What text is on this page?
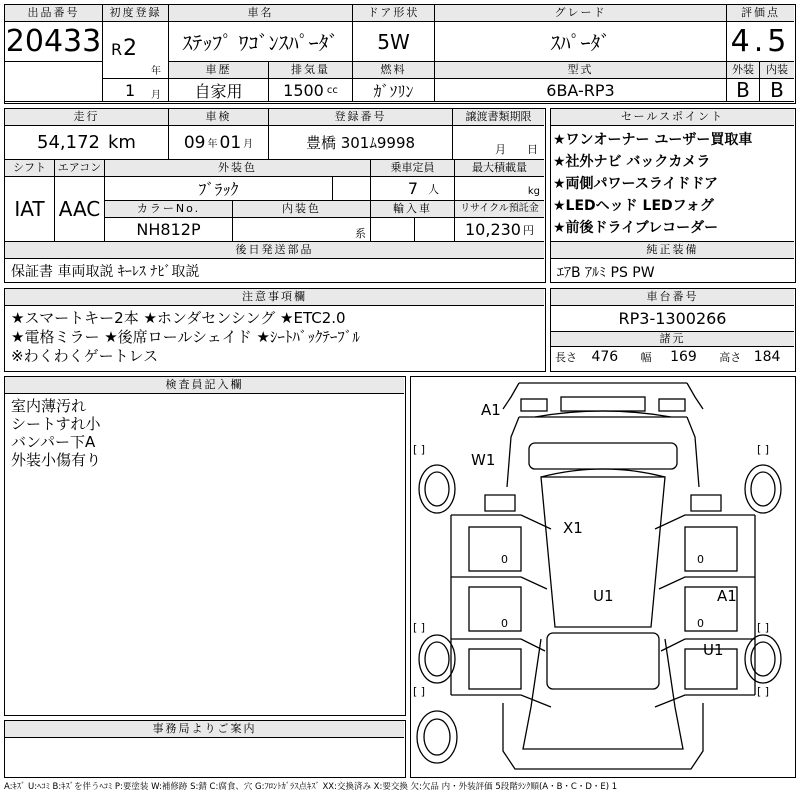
出品番号
20433
初度登録
R 2
年
1 月
車名
ｽﾃｯﾌﾟ ﾜｺﾞﾝｽﾊﾟｰﾀﾞ
ドア形状
5W
グレード
ｽﾊﾟｰﾀﾞ
評価点
4.5
車歴
自家用
排気量
1500 cc
燃料
ｶﾞｿﾘﾝ
型式
6BA-RP3
外装	内装
B	B
走行
54,172 km
車検
09 年 01 月
登録番号
豊橋 301ﾑ9998
譲渡書類期限
月 日
シフト
IAT
エアコン
AAC
外装色
ﾌﾞﾗｯｸ
乗車定員
7 人
最大積載量
kg
カラーNo.
NH812P
内装色
系
輸入車	リサイクル預託金
10,230 円
後日発送部品
保証書 車両取説 ｷｰﾚｽ ﾅﾋﾞ取説
セールスポイント
★ワンオーナー ユーザー買取車
★社外ナビ バックカメラ
★両側パワースライドドア
★LEDヘッド LEDフォグ
★前後ドライブレコーダー
純正装備
ｴｱB ｱﾙﾐ PS PW
注意事項欄
★スマートキー2本 ★ホンダセンシング ★ETC2.0
★電格ミラー ★後席ロールシェイド ★ｼｰﾄﾊﾞｯｸﾃｰﾌﾞﾙ
※わくわくゲートレス
車台番号
RP3-1300266
諸元
長さ 476 幅 169 高さ 184
検査員記入欄
室内薄汚れ
シートすれ小
バンパー下A
外装小傷有り
事務局よりご案内
A1
W1
X1
U1	A1
U1
[ ]	[ ]
[ ]	[ ]
[ ]	[ ]
0
0
0
0
A:ｷｽﾞ U:ﾍｺﾐ B:ｷｽﾞを伴うﾍｺﾐ P:要塗装 W:補修跡 S:錆 C:腐食、穴 G:ﾌﾛﾝﾄｶﾞﾗｽ点ｷｽﾞ XX:交換済み X:要交換 欠:欠品 内・外装評価 5段階ﾗﾝｸ順(A・B・C・D・E) 1
